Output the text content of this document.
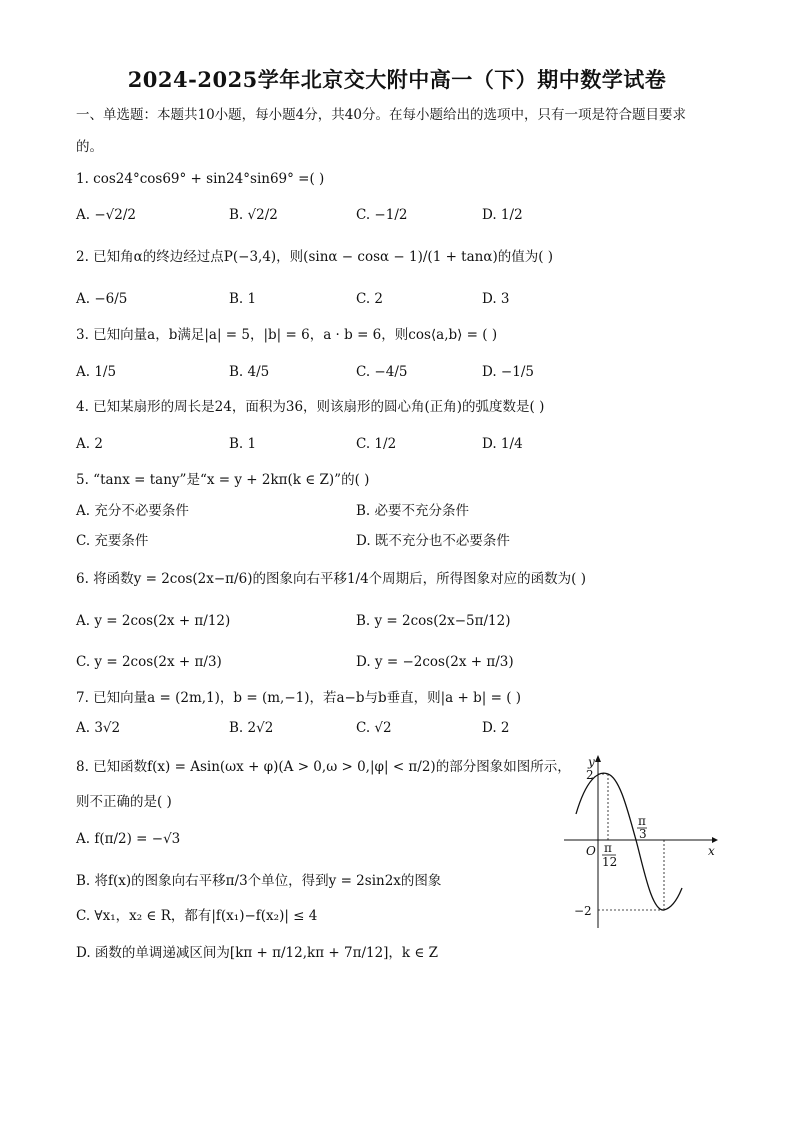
2024-2025学年北京交大附中高一（下）期中数学试卷
一、单选题：本题共10小题，每小题4分，共40分。在每小题给出的选项中，只有一项是符合题目要求
的。
1. cos24°cos69° + sin24°sin69° =( )
A. −√2/2	B. √2/2	C. −1/2	D. 1/2
2. 已知角α的终边经过点P(−3,4)，则(sinα − cosα − 1)/(1 + tanα)的值为( )
A. −6/5	B. 1	C. 2	D. 3
3. 已知向量a，b满足|a| = 5，|b| = 6，a · b = 6，则cos⟨a,b⟩ = ( )
A. 1/5	B. 4/5	C. −4/5	D. −1/5
4. 已知某扇形的周长是24，面积为36，则该扇形的圆心角(正角)的弧度数是( )
A. 2	B. 1	C. 1/2	D. 1/4
5. “tanx = tany”是“x = y + 2kπ(k ∈ Z)”的( )
A. 充分不必要条件	B. 必要不充分条件
C. 充要条件	D. 既不充分也不必要条件
6. 将函数y = 2cos(2x−π/6)的图象向右平移1/4个周期后，所得图象对应的函数为( )
A. y = 2cos(2x + π/12)	B. y = 2cos(2x−5π/12)
C. y = 2cos(2x + π/3)	D. y = −2cos(2x + π/3)
7. 已知向量a = (2m,1)，b = (m,−1)，若a−b与b垂直，则|a + b| = ( )
A. 3√2	B. 2√2	C. √2	D. 2
8. 已知函数f(x) = Asin(ωx + φ)(A > 0,ω > 0,|φ| < π/2)的部分图象如图所示，
则不正确的是( )
A. f(π/2) = −√3
B. 将f(x)的图象向右平移π/3个单位，得到y = 2sin2x的图象
C. ∀x₁，x₂ ∈ R，都有|f(x₁)−f(x₂)| ≤ 4
D. 函数的单调递减区间为[kπ + π/12,kπ + 7π/12]，k ∈ Z
y
x
O
2
−2
π
12
π
3
